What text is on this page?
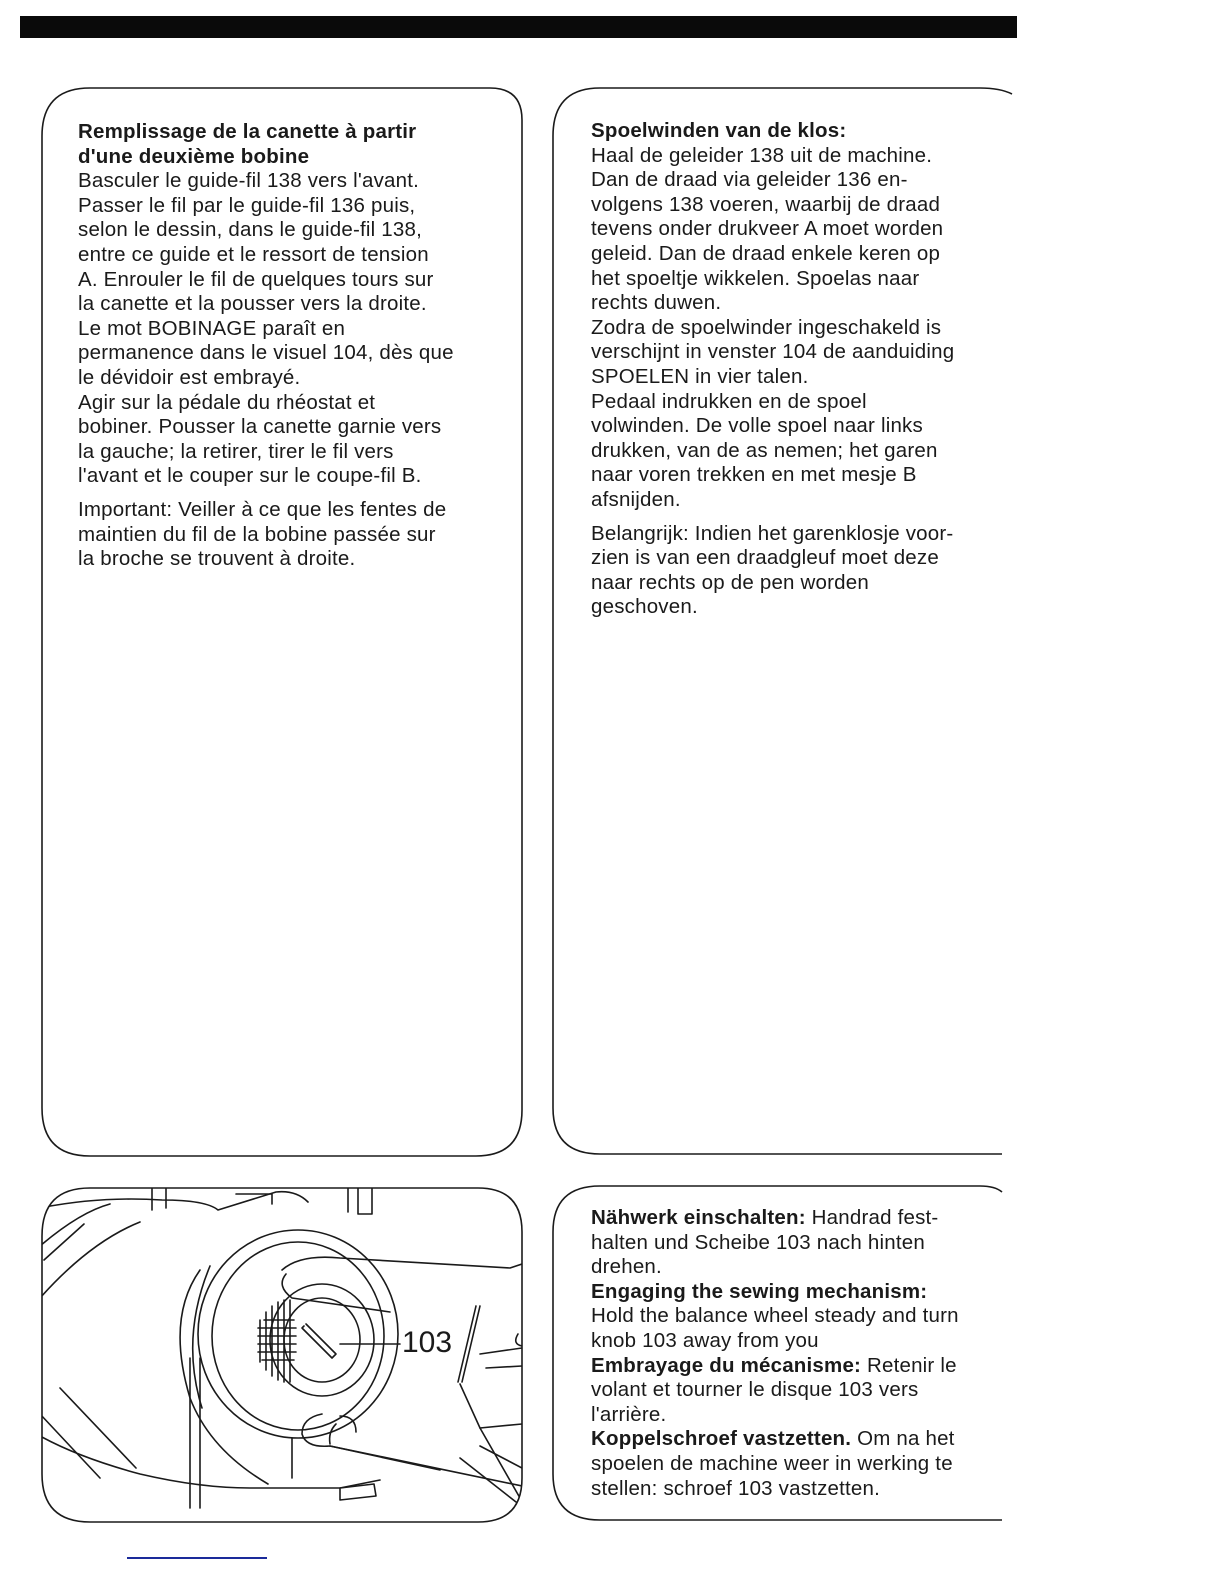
Remplissage de la canette à partir

d'une deuxième bobine

Basculer le guide-fil 138 vers l'avant.

Passer le fil par le guide-fil 136 puis,

selon le dessin, dans le guide-fil 138,

entre ce guide et le ressort de tension

A. Enrouler le fil de quelques tours sur

la canette et la pousser vers la droite.

Le mot BOBINAGE paraît en

permanence dans le visuel 104, dès que

le dévidoir est embrayé.

Agir sur la pédale du rhéostat et

bobiner. Pousser la canette garnie vers

la gauche; la retirer, tirer le fil vers

l'avant et le couper sur le coupe-fil B.

Important: Veiller à ce que les fentes de

maintien du fil de la bobine passée sur

la broche se trouvent à droite.

Spoelwinden van de klos:

Haal de geleider 138 uit de machine.

Dan de draad via geleider 136 en-

volgens 138 voeren, waarbij de draad

tevens onder drukveer A moet worden

geleid. Dan de draad enkele keren op

het spoeltje wikkelen. Spoelas naar

rechts duwen.

Zodra de spoelwinder ingeschakeld is

verschijnt in venster 104 de aanduiding

SPOELEN in vier talen.

Pedaal indrukken en de spoel

volwinden. De volle spoel naar links

drukken, van de as nemen; het garen

naar voren trekken en met mesje B

afsnijden.

Belangrijk: Indien het garenklosje voor-

zien is van een draadgleuf moet deze

naar rechts op de pen worden

geschoven.

Nähwerk einschalten: Handrad fest-

halten und Scheibe 103 nach hinten

drehen.

Engaging the sewing mechanism:

Hold the balance wheel steady and turn

knob 103 away from you

Embrayage du mécanisme: Retenir le

volant et tourner le disque 103 vers

l'arrière.

Koppelschroef vastzetten. Om na het

spoelen de machine weer in werking te

stellen: schroef 103 vastzetten.

103
